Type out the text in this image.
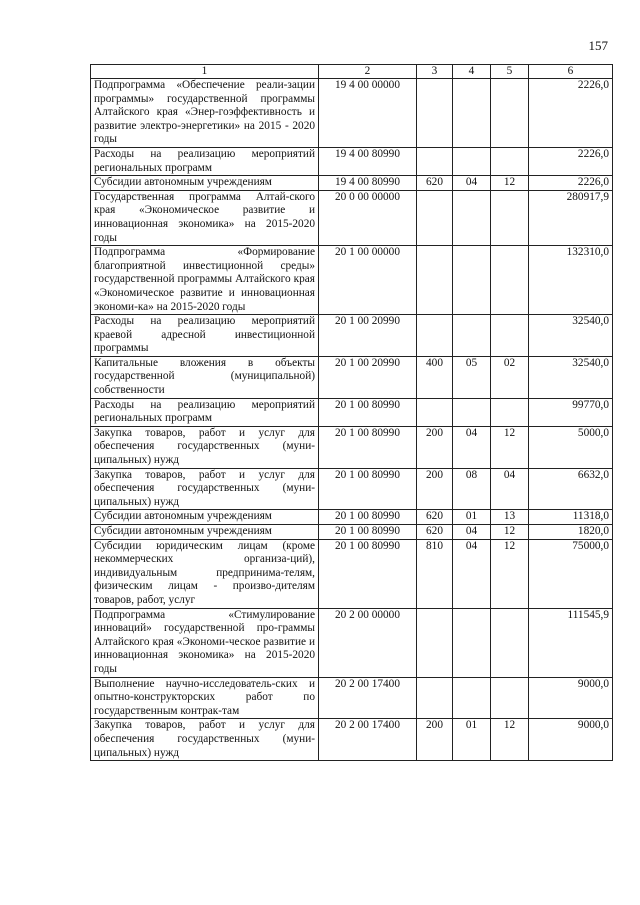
157
1	2	3	4	5	6
Подпрограмма «Обеспечение реали-зации программы» государственной программы Алтайского края «Энер-гоэффективность и развитие электро-энергетики» на 2015 - 2020 годы	19 4 00 00000				2226,0
Расходы на реализацию мероприятий региональных программ	19 4 00 80990				2226,0
Субсидии автономным учреждениям	19 4 00 80990	620	04	12	2226,0
Государственная программа Алтай-ского края «Экономическое развитие и инновационная экономика» на 2015-2020 годы	20 0 00 00000				280917,9
Подпрограмма «Формирование благоприятной инвестиционной среды» государственной программы Алтайского края «Экономическое развитие и инновационная экономи-ка» на 2015-2020 годы	20 1 00 00000				132310,0
Расходы на реализацию мероприятий краевой адресной инвестиционной программы	20 1 00 20990				32540,0
Капитальные вложения в объекты государственной (муниципальной) собственности	20 1 00 20990	400	05	02	32540,0
Расходы на реализацию мероприятий региональных программ	20 1 00 80990				99770,0
Закупка товаров, работ и услуг для обеспечения государственных (муни-ципальных) нужд	20 1 00 80990	200	04	12	5000,0
Закупка товаров, работ и услуг для обеспечения государственных (муни-ципальных) нужд	20 1 00 80990	200	08	04	6632,0
Субсидии автономным учреждениям	20 1 00 80990	620	01	13	11318,0
Субсидии автономным учреждениям	20 1 00 80990	620	04	12	1820,0
Субсидии юридическим лицам (кроме некоммерческих организа-ций), индивидуальным предпринима-телям, физическим лицам - произво-дителям товаров, работ, услуг	20 1 00 80990	810	04	12	75000,0
Подпрограмма «Стимулирование инноваций» государственной про-граммы Алтайского края «Экономи-ческое развитие и инновационная экономика» на 2015-2020 годы	20 2 00 00000				111545,9
Выполнение научно-исследователь-ских и опытно-конструкторских работ по государственным контрак-там	20 2 00 17400				9000,0
Закупка товаров, работ и услуг для обеспечения государственных (муни-ципальных) нужд	20 2 00 17400	200	01	12	9000,0
